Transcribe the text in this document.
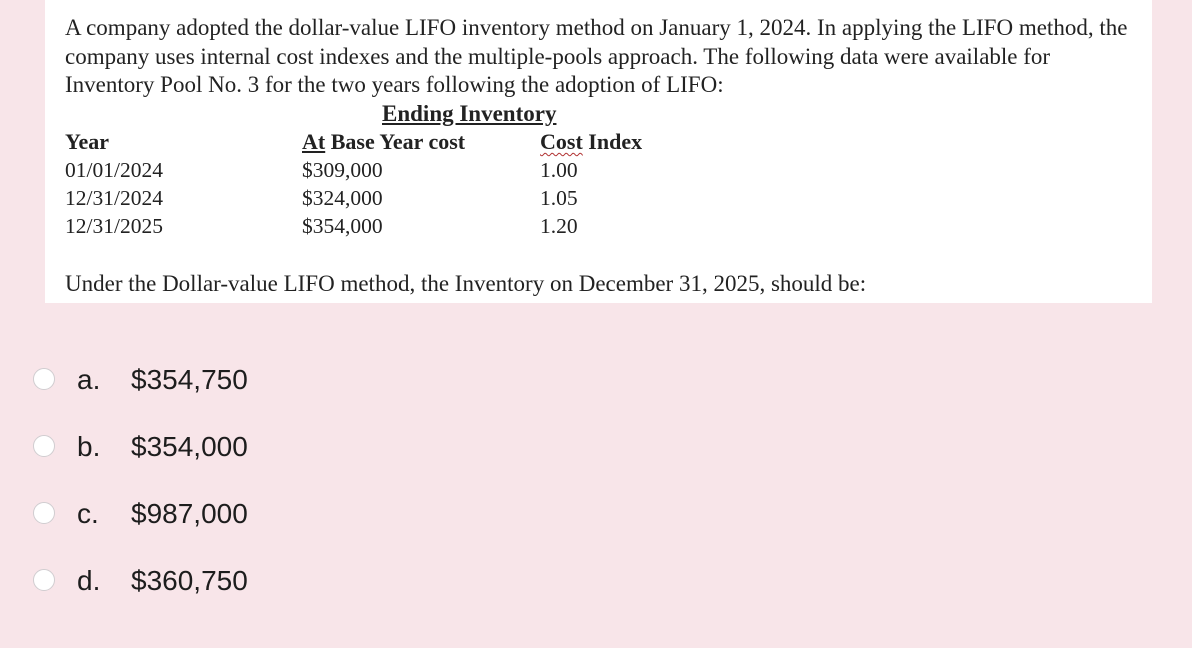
A company adopted the dollar-value LIFO inventory method on January 1, 2024. In applying the LIFO method, the company uses internal cost indexes and the multiple-pools approach. The following data were available for Inventory Pool No. 3 for the two years following the adoption of LIFO:
Ending Inventory
Year	At Base Year cost	Cost Index
01/01/2024	$309,000	1.00
12/31/2024	$324,000	1.05
12/31/2025	$354,000	1.20
Under the Dollar-value LIFO method, the Inventory on December 31, 2025, should be:
a. $354,750
b. $354,000
c. $987,000
d. $360,750
